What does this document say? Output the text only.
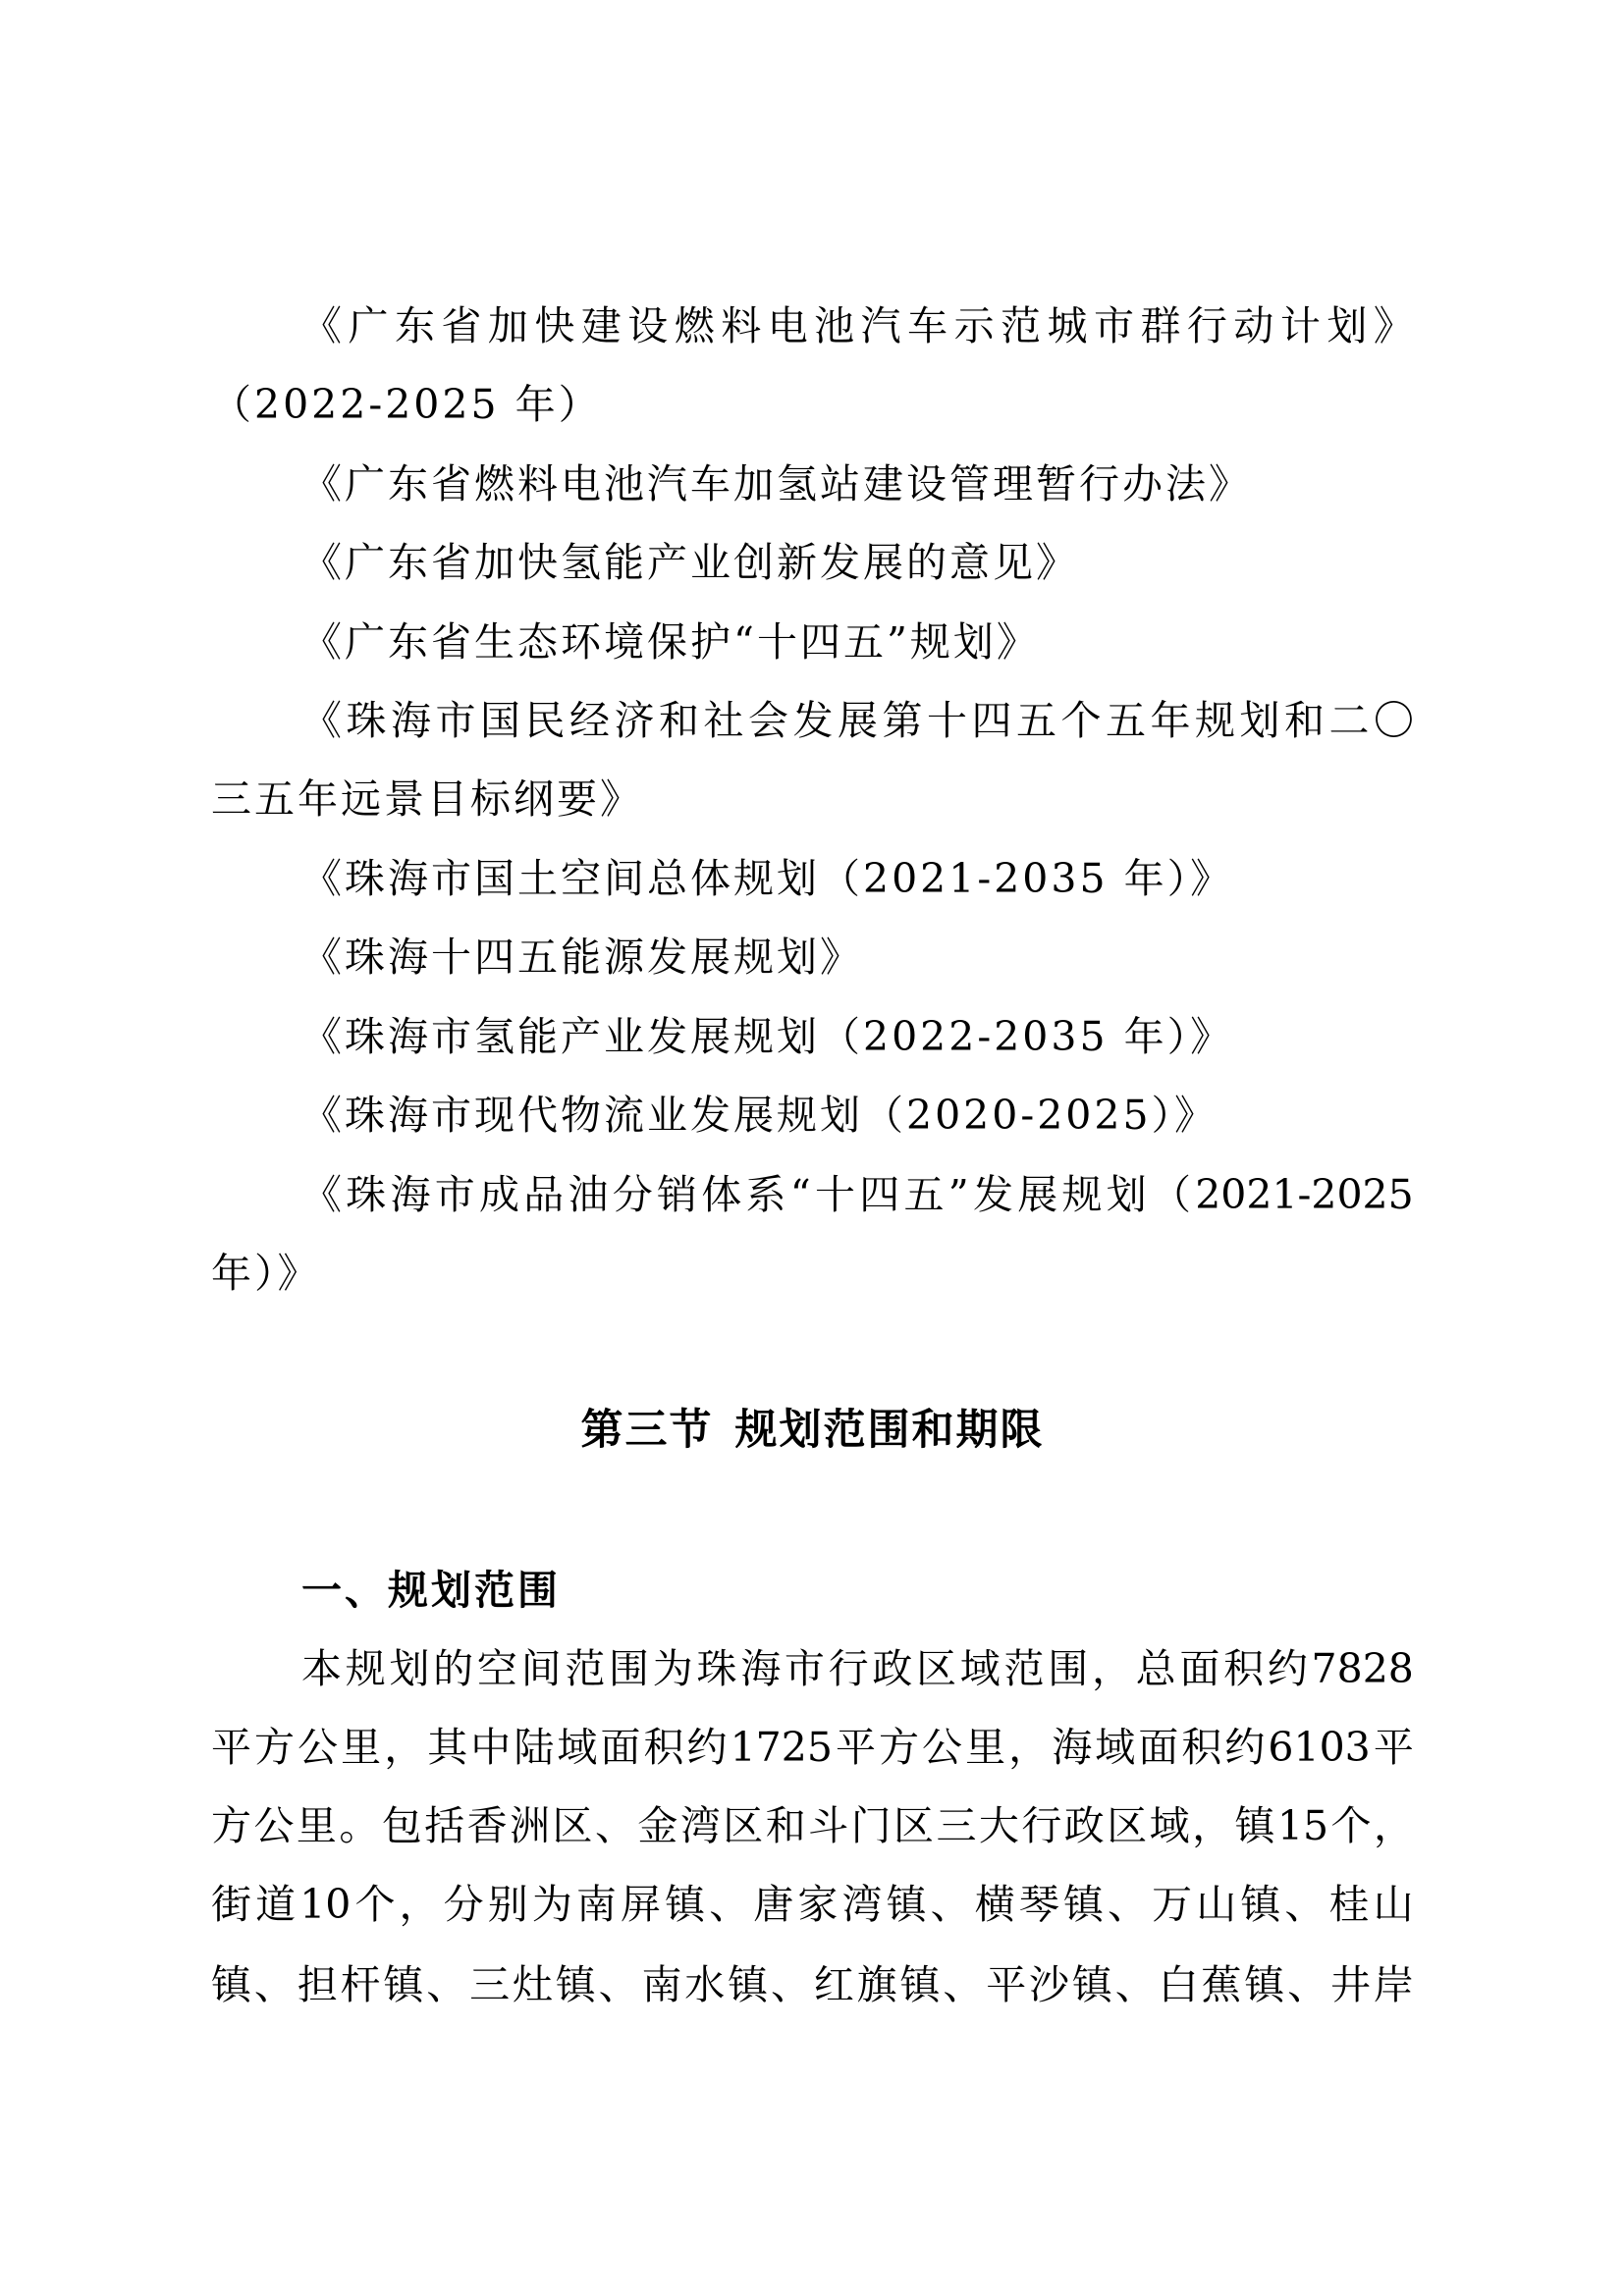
《 广 东 省 加 快 建 设 燃 料 电 池 汽 车 示 范 城 市 群 行 动 计 划 》
（2022-2025 年）
《广东省燃料电池汽车加氢站建设管理暂行办法》
《广东省加快氢能产业创新发展的意见》
《广东省生态环境保护“十四五”规划》
《 珠 海 市 国 民 经 济 和 社 会 发 展 第 十 四 五 个 五 年 规 划 和 二 〇
三五年远景目标纲要》
《珠海市国土空间总体规划（2021-2035 年）》
《珠海十四五能源发展规划》
《珠海市氢能产业发展规划（2022-2035 年）》
《珠海市现代物流业发展规划（2020-2025）》
《 珠 海 市 成 品 油 分 销 体 系 “ 十 四 五 ” 发 展 规 划 （ 2021-2025
年）》
第三节 规划范围和期限
一、规划范围
本 规 划 的 空 间 范 围 为 珠 海 市 行 政 区 域 范 围 ， 总 面 积 约 7828
平 方 公 里 ， 其 中 陆 域 面 积 约 1725 平 方 公 里 ， 海 域 面 积 约 6103 平
方 公 里 。 包 括 香 洲 区 、 金 湾 区 和 斗 门 区 三 大 行 政 区 域 ， 镇 15 个 ，
街 道 10 个 ， 分 别 为 南 屏 镇 、 唐 家 湾 镇 、 横 琴 镇 、 万 山 镇 、 桂 山
镇 、 担 杆 镇 、 三 灶 镇 、 南 水 镇 、 红 旗 镇 、 平 沙 镇 、 白 蕉 镇 、 井 岸
